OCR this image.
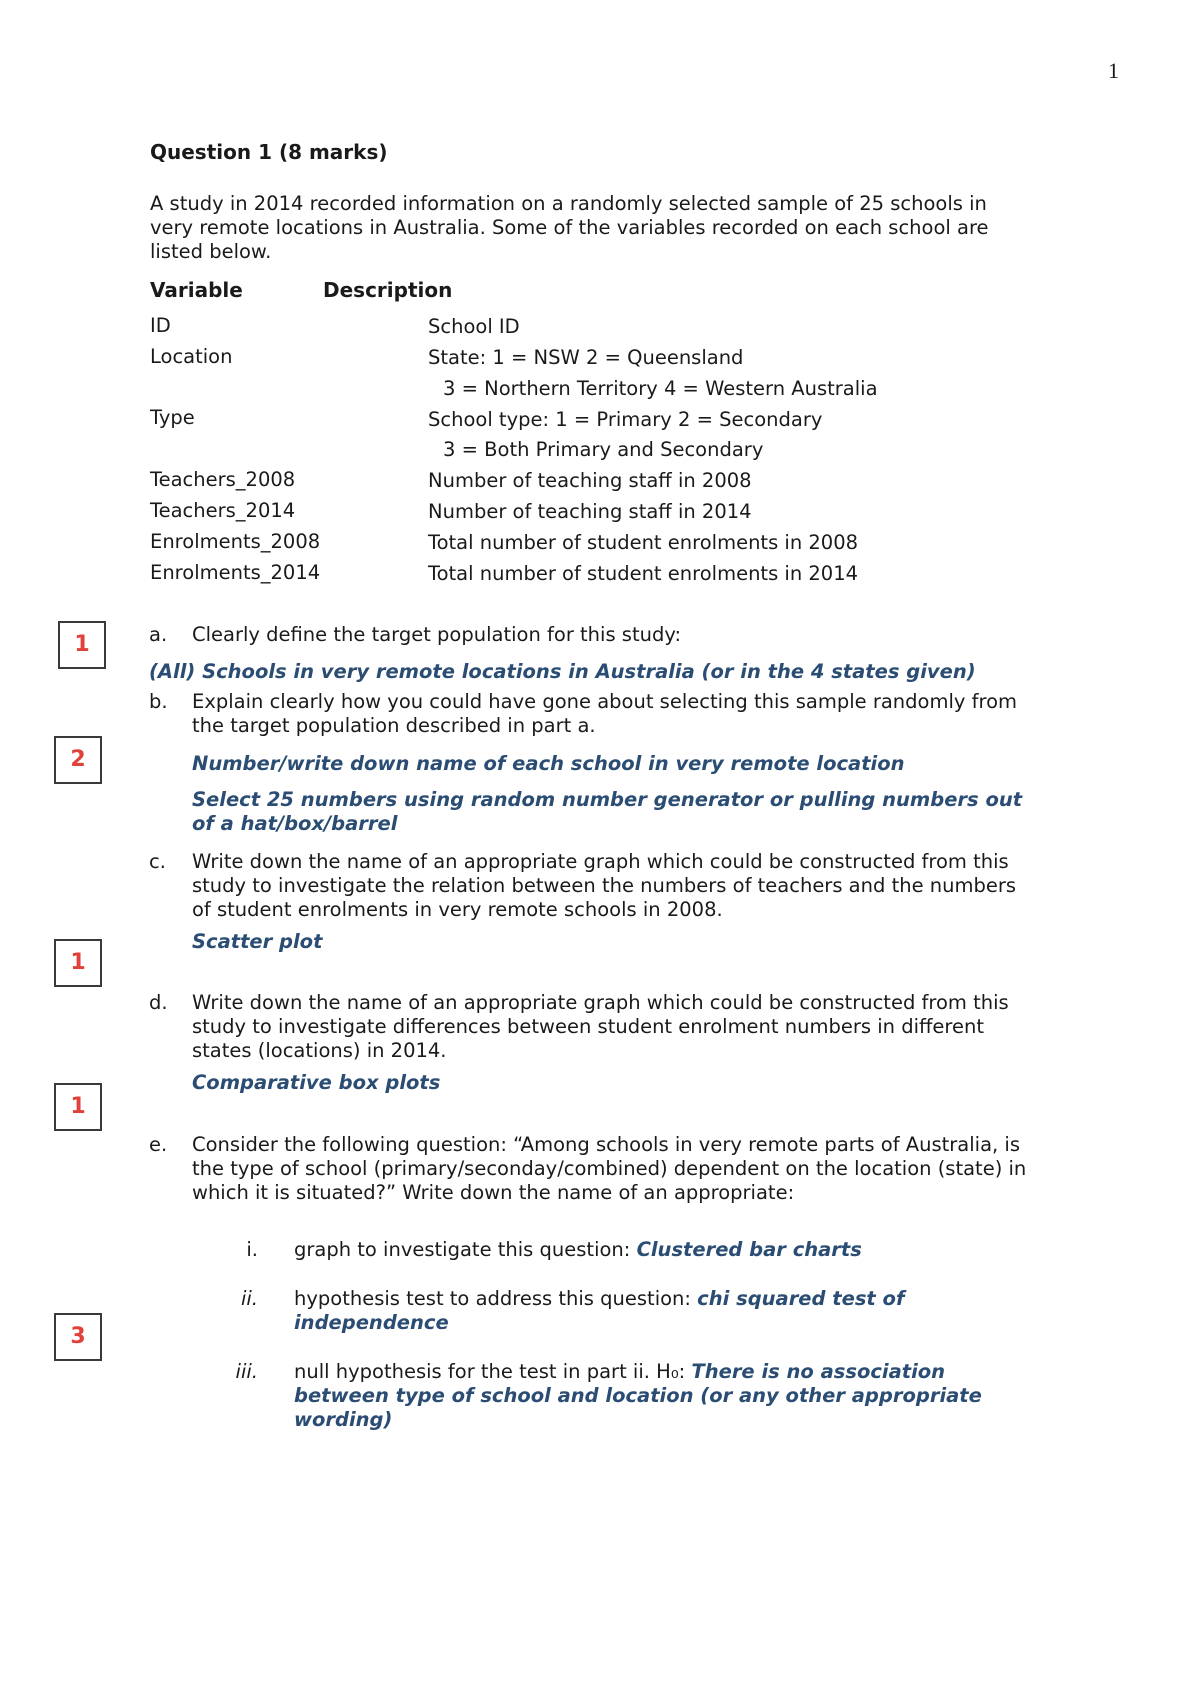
1
Question 1 (8 marks)
A study in 2014 recorded information on a randomly selected sample of 25 schools in very remote locations in Australia. Some of the variables recorded on each school are listed below.
Variable	Description
ID	School ID
Location	State: 1 = NSW 2 = Queensland
3 = Northern Territory 4 = Western Australia
Type	School type: 1 = Primary 2 = Secondary
3 = Both Primary and Secondary
Teachers_2008	Number of teaching staff in 2008
Teachers_2014	Number of teaching staff in 2014
Enrolments_2008	Total number of student enrolments in 2008
Enrolments_2014	Total number of student enrolments in 2014
1
2
1
1
3
a. Clearly define the target population for this study:
(All) Schools in very remote locations in Australia (or in the 4 states given)
b. Explain clearly how you could have gone about selecting this sample randomly from the target population described in part a.
Number/write down name of each school in very remote location
Select 25 numbers using random number generator or pulling numbers out of a hat/box/barrel
c. Write down the name of an appropriate graph which could be constructed from this study to investigate the relation between the numbers of teachers and the numbers of student enrolments in very remote schools in 2008.
Scatter plot
d. Write down the name of an appropriate graph which could be constructed from this study to investigate differences between student enrolment numbers in different states (locations) in 2014.
Comparative box plots
e. Consider the following question: “Among schools in very remote parts of Australia, is the type of school (primary/seconday/combined) dependent on the location (state) in which it is situated?” Write down the name of an appropriate:
i. graph to investigate this question: Clustered bar charts
ii. hypothesis test to address this question: chi squared test of independence
iii. null hypothesis for the test in part ii. H₀: There is no association between type of school and location (or any other appropriate wording)
